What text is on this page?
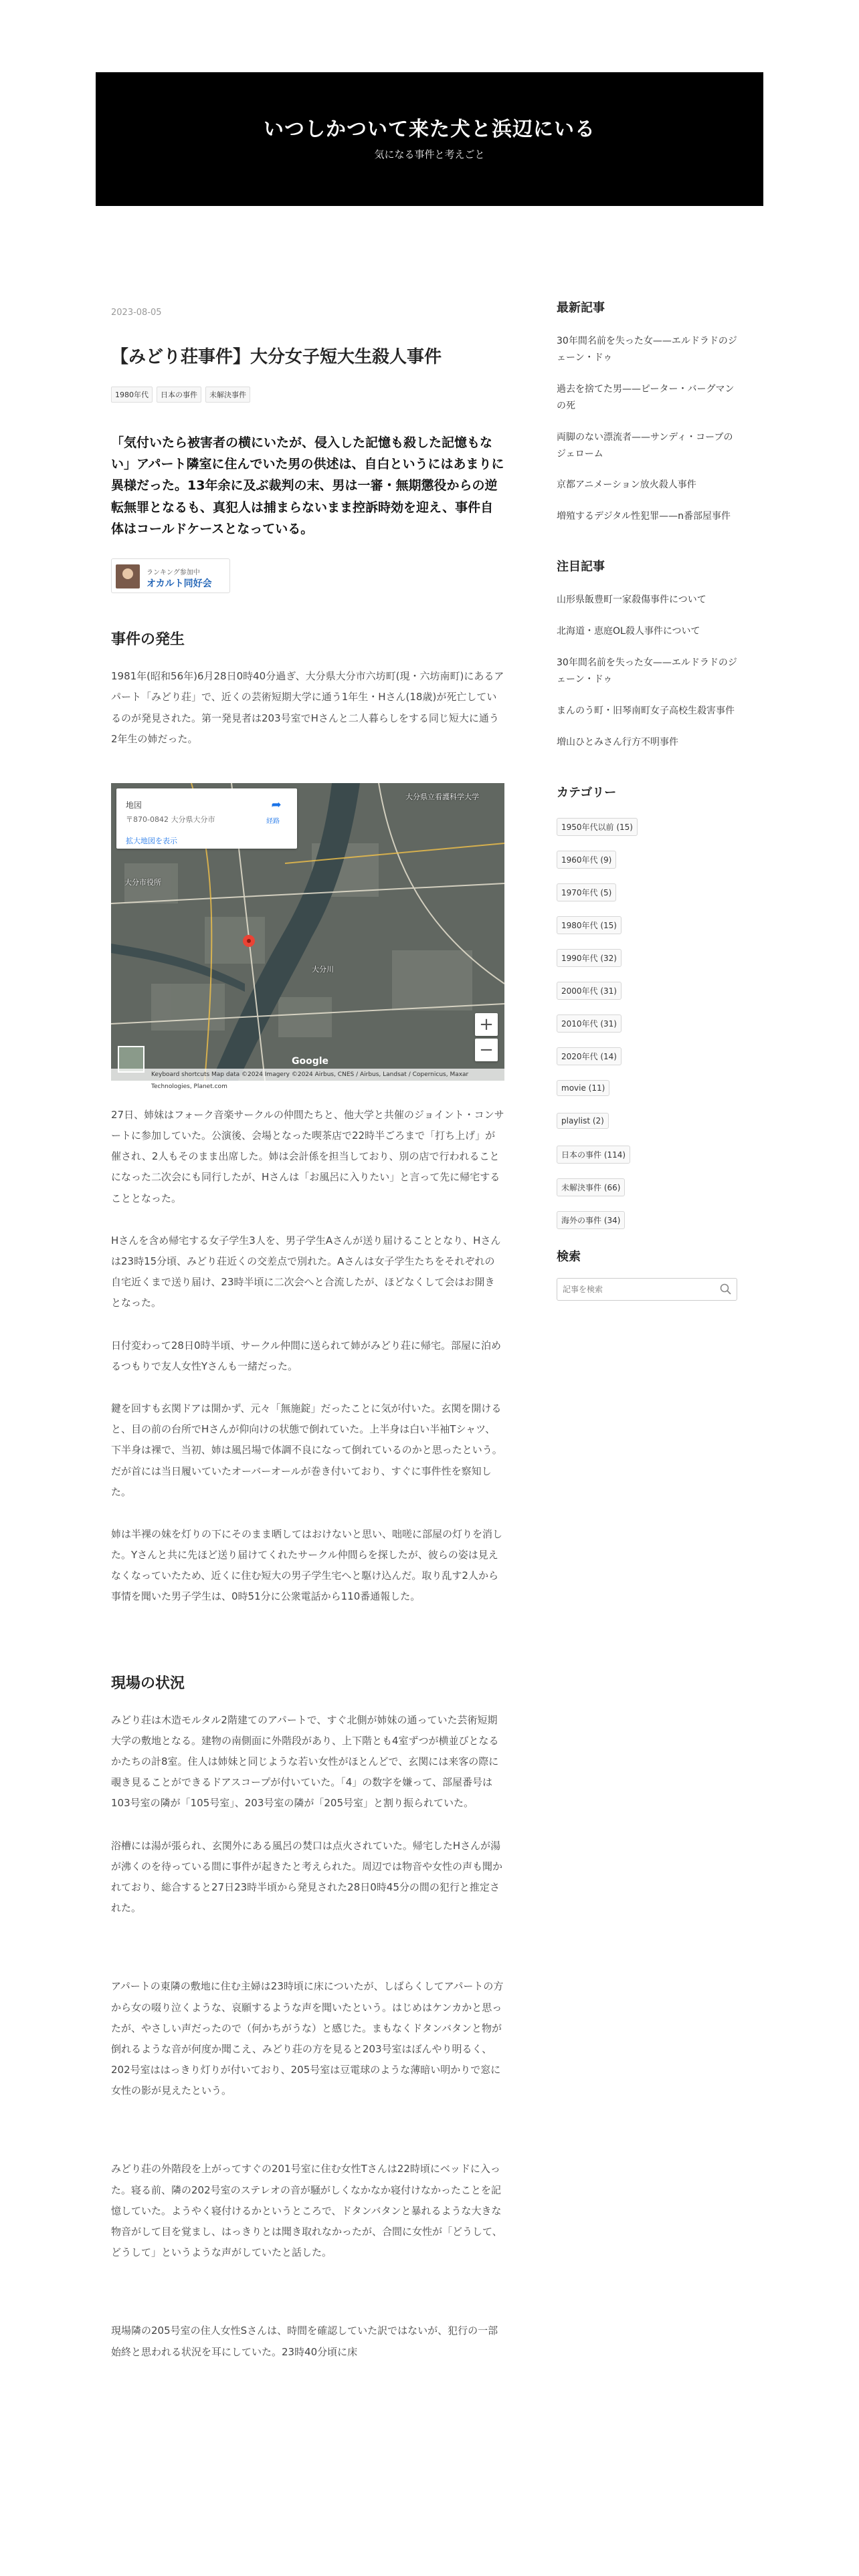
いつしかついて来た犬と浜辺にいる
気になる事件と考えごと
2023-08-05
【みどり荘事件】大分女子短大生殺人事件
1980年代 日本の事件 未解決事件

「気付いたら被害者の横にいたが、侵入した記憶も殺した記憶もない」アパート隣室に住んでいた男の供述は、自白というにはあまりに異様だった。13年余に及ぶ裁判の末、男は一審・無期懲役からの逆転無罪となるも、真犯人は捕まらないまま控訴時効を迎え、事件自体はコールドケースとなっている。

ランキング参加中
オカルト同好会
事件の発生

1981年(昭和56年)6月28日0時40分過ぎ、大分県大分市六坊町(現・六坊南町)にあるアパート「みどり荘」で、近くの芸術短期大学に通う1年生・Hさん(18歳)が死亡しているのが発見された。第一発見者は203号室でHさんと二人暮らしをする同じ短大に通う2年生の姉だった。

大分県立看護科学大学
大分川
大分市役所
地図
〒870-0842 大分県大分市
拡大地図を表示
➦
経路
+
−
Google
Keyboard shortcuts Map data ©2024 Imagery ©2024 Airbus, CNES / Airbus, Landsat / Copernicus, Maxar Technologies, Planet.com

27日、姉妹はフォーク音楽サークルの仲間たちと、他大学と共催のジョイント・コンサートに参加していた。公演後、会場となった喫茶店で22時半ごろまで「打ち上げ」が催され、2人もそのまま出席した。姉は会計係を担当しており、別の店で行われることになった二次会にも同行したが、Hさんは「お風呂に入りたい」と言って先に帰宅することとなった。

Hさんを含め帰宅する女子学生3人を、男子学生Aさんが送り届けることとなり、Hさんは23時15分頃、みどり荘近くの交差点で別れた。Aさんは女子学生たちをそれぞれの自宅近くまで送り届け、23時半頃に二次会へと合流したが、ほどなくして会はお開きとなった。

日付変わって28日0時半頃、サークル仲間に送られて姉がみどり荘に帰宅。部屋に泊めるつもりで友人女性Yさんも一緒だった。

鍵を回すも玄関ドアは開かず、元々「無施錠」だったことに気が付いた。玄関を開けると、目の前の台所でHさんが仰向けの状態で倒れていた。上半身は白い半袖Tシャツ、下半身は裸で、当初、姉は風呂場で体調不良になって倒れているのかと思ったという。だが首には当日履いていたオーバーオールが巻き付いており、すぐに事件性を察知した。

姉は半裸の妹を灯りの下にそのまま晒してはおけないと思い、咄嗟に部屋の灯りを消した。Yさんと共に先ほど送り届けてくれたサークル仲間らを探したが、彼らの姿は見えなくなっていたため、近くに住む短大の男子学生宅へと駆け込んだ。取り乱す2人から事情を聞いた男子学生は、0時51分に公衆電話から110番通報した。

現場の状況

みどり荘は木造モルタル2階建てのアパートで、すぐ北側が姉妹の通っていた芸術短期大学の敷地となる。建物の南側面に外階段があり、上下階とも4室ずつが横並びとなるかたちの計8室。住人は姉妹と同じような若い女性がほとんどで、玄関には来客の際に覗き見ることができるドアスコープが付いていた。「4」の数字を嫌って、部屋番号は103号室の隣が「105号室」、203号室の隣が「205号室」と割り振られていた。

浴槽には湯が張られ、玄関外にある風呂の焚口は点火されていた。帰宅したHさんが湯が沸くのを待っている間に事件が起きたと考えられた。周辺では物音や女性の声も聞かれており、総合すると27日23時半頃から発見された28日0時45分の間の犯行と推定された。

アパートの東隣の敷地に住む主婦は23時頃に床についたが、しばらくしてアパートの方から女の啜り泣くような、哀願するような声を聞いたという。はじめはケンカかと思ったが、やさしい声だったので（何かちがうな）と感じた。まもなくドタンバタンと物が倒れるような音が何度か聞こえ、みどり荘の方を見ると203号室はぼんやり明るく、202号室ははっきり灯りが付いており、205号室は豆電球のような薄暗い明かりで窓に女性の影が見えたという。

みどり荘の外階段を上がってすぐの201号室に住む女性Tさんは22時頃にベッドに入った。寝る前、隣の202号室のステレオの音が騒がしくなかなか寝付けなかったことを記憶していた。ようやく寝付けるかというところで、ドタンバタンと暴れるような大きな物音がして目を覚まし、はっきりとは聞き取れなかったが、合間に女性が「どうして、どうして」というような声がしていたと話した。

現場隣の205号室の住人女性Sさんは、時間を確認していた訳ではないが、犯行の一部始終と思われる状況を耳にしていた。23時40分頃に床

最新記事
30年間名前を失った女——エルドラドのジェーン・ドゥ
過去を捨てた男——ピーター・バーグマンの死
両脚のない漂流者——サンディ・コーブのジェローム
京都アニメーション放火殺人事件
増殖するデジタル性犯罪——n番部屋事件
注目記事
山形県飯豊町一家殺傷事件について
北海道・恵庭OL殺人事件について
30年間名前を失った女——エルドラドのジェーン・ドゥ
まんのう町・旧琴南町女子高校生殺害事件
増山ひとみさん行方不明事件
カテゴリー
1950年代以前 (15)
1960年代 (9)
1970年代 (5)
1980年代 (15)
1990年代 (32)
2000年代 (31)
2010年代 (31)
2020年代 (14)
movie (11)
playlist (2)
日本の事件 (114)
未解決事件 (66)
海外の事件 (34)
検索
記事を検索
